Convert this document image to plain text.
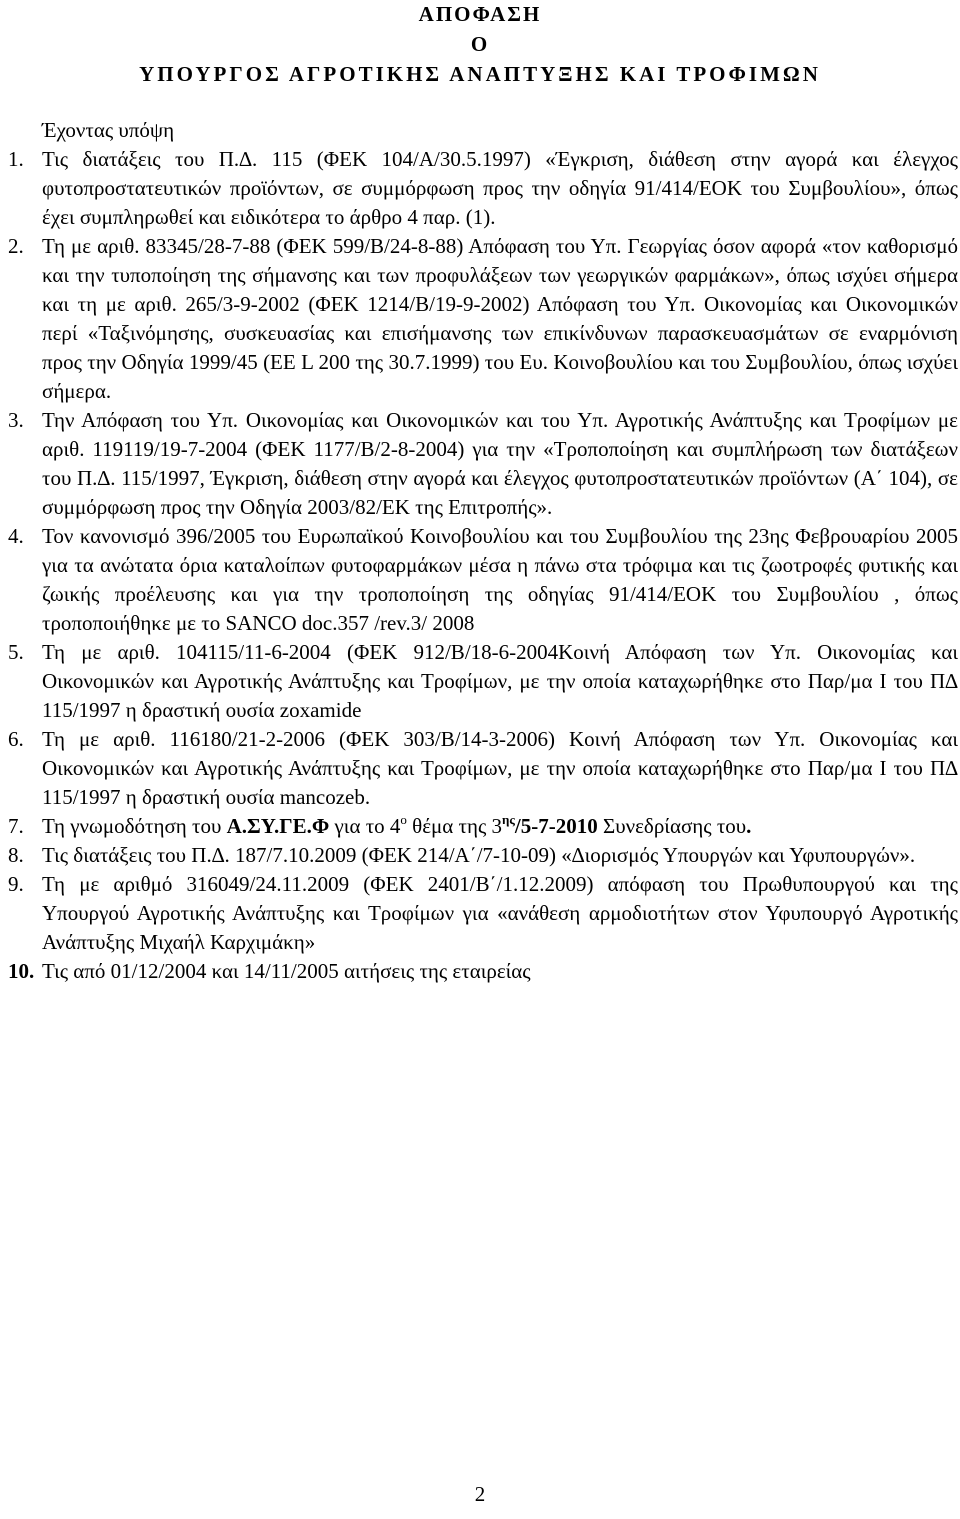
ΑΠΟΦΑΣΗ
Ο
ΥΠΟΥΡΓΟΣ ΑΓΡΟΤΙΚΗΣ ΑΝΑΠΤΥΞΗΣ ΚΑΙ ΤΡΟΦΙΜΩΝ
Έχοντας υπόψη
1. Τις διατάξεις του Π.∆. 115 (ΦΕΚ 104/Α/30.5.1997) «Έγκριση, διάθεση στην αγορά και έλεγχος φυτοπροστατευτικών προϊόντων, σε συμμόρφωση προς την οδηγία 91/414/ΕΟΚ του Συμβουλίου», όπως έχει συμπληρωθεί και ειδικότερα το άρθρο 4 παρ. (1).
2. Τη με αριθ. 83345/28-7-88 (ΦΕΚ 599/Β/24-8-88) Απόφαση του Υπ. Γεωργίας όσον αφορά «τον καθορισμό και την τυποποίηση της σήμανσης και των προφυλάξεων των γεωργικών φαρμάκων», όπως ισχύει σήμερα και τη με αριθ. 265/3-9-2002 (ΦΕΚ 1214/Β/19-9-2002) Απόφαση του Υπ. Οικονομίας και Οικονομικών περί «Ταξινόμησης, συσκευασίας και επισήμανσης των επικίνδυνων παρασκευασμάτων σε εναρμόνιση προς την Οδηγία 1999/45 (ΕΕ L 200 της 30.7.1999) του Ευ. Κοινοβουλίου και του Συμβουλίου, όπως ισχύει σήμερα.
3. Την Απόφαση του Υπ. Οικονομίας και Οικονομικών και του Υπ. Αγροτικής Ανάπτυξης και Τροφίμων με αριθ. 119119/19-7-2004 (ΦΕΚ 1177/Β/2-8-2004) για την «Τροποποίηση και συμπλήρωση των διατάξεων του Π.∆. 115/1997, Έγκριση, διάθεση στην αγορά και έλεγχος φυτοπροστατευτικών προϊόντων (Α΄ 104), σε συμμόρφωση προς την Οδηγία 2003/82/ΕΚ της Επιτροπής».
4. Τον κανονισμό 396/2005 του Ευρωπαϊκού Κοινοβουλίου και του Συμβουλίου της 23ης Φεβρουαρίου 2005 για τα ανώτατα όρια καταλοίπων φυτοφαρμάκων μέσα η πάνω στα τρόφιμα και τις ζωοτροφές φυτικής και ζωικής προέλευσης και για την τροποποίηση της οδηγίας 91/414/ΕΟΚ του Συμβουλίου , όπως τροποποιήθηκε με το SANCO doc.357 /rev.3/ 2008
5. Τη με αριθ. 104115/11-6-2004 (ΦΕΚ 912/Β/18-6-2004Κοινή Απόφαση των Υπ. Οικονομίας και Οικονομικών και Αγροτικής Ανάπτυξης και Τροφίμων, με την οποία καταχωρήθηκε στο Παρ/μα Ι του Π∆ 115/1997 η δραστική ουσία zoxamide
6. Τη με αριθ. 116180/21-2-2006 (ΦΕΚ 303/Β/14-3-2006) Κοινή Απόφαση των Υπ. Οικονομίας και Οικονομικών και Αγροτικής Ανάπτυξης και Τροφίμων, με την οποία καταχωρήθηκε στο Παρ/μα Ι του Π∆ 115/1997 η δραστική ουσία mancozeb.
7. Τη γνωμοδότηση του Α.ΣΥ.ΓΕ.Φ για το $4^o$ θέμα της $3^{\eta\varsigma}/5-7-2010$ Συνεδρίασης του.
8. Τις διατάξεις του Π.∆. 187/7.10.2009 (ΦΕΚ 214/Α΄/7-10-09) «∆ιορισμός Υπουργών και Υφυπουργών».
9. Τη με αριθμό 316049/24.11.2009 (ΦΕΚ 2401/Β΄/1.12.2009) απόφαση του Πρωθυπουργού και της Υπουργού Αγροτικής Ανάπτυξης και Τροφίμων για «ανάθεση αρμοδιοτήτων στον Υφυπουργό Αγροτικής Ανάπτυξης Μιχαήλ Καρχιμάκη»
10. Τις από 01/12/2004 και 14/11/2005 αιτήσεις της εταιρείας
2
